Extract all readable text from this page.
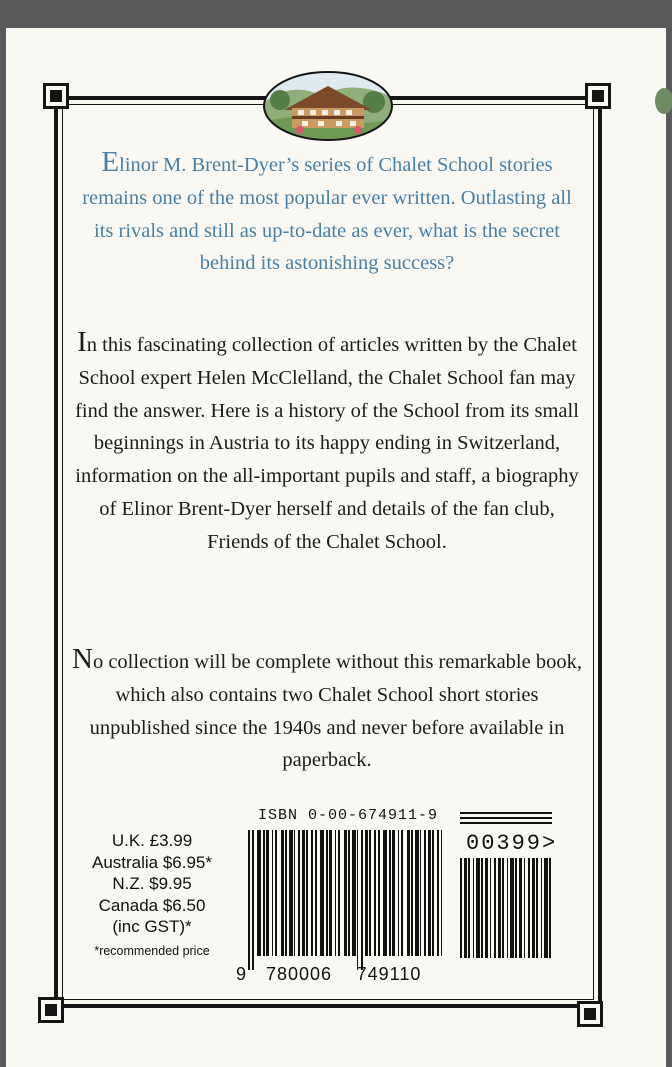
Elinor M. Brent-Dyer’s series of Chalet School stories remains one of the most popular ever written. Outlasting all its rivals and still as up-to-date as ever, what is the secret behind its astonishing success?

In this fascinating collection of articles written by the Chalet School expert Helen McClelland, the Chalet School fan may find the answer. Here is a history of the School from its small beginnings in Austria to its happy ending in Switzerland, information on the all-important pupils and staff, a biography of Elinor Brent-Dyer herself and details of the fan club, Friends of the Chalet School.

No collection will be complete without this remarkable book, which also contains two Chalet School short stories unpublished since the 1940s and never before available in paperback.

U.K. £3.99
Australia $6.95*
N.Z. $9.95
Canada $6.50
(inc GST)*
*recommended price
ISBN 0-00-674911-9
9	780006	749110
00399>
